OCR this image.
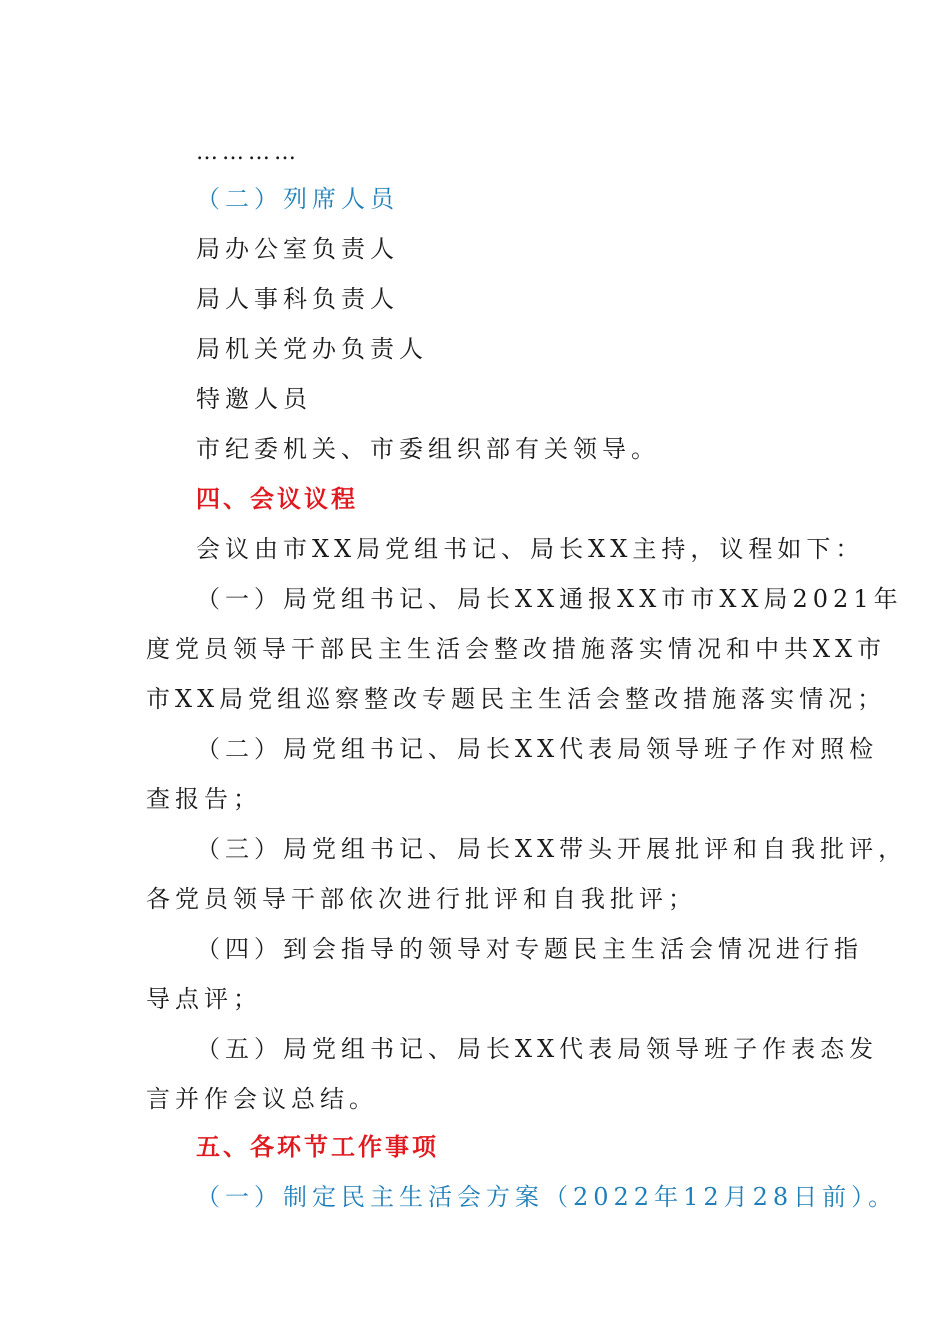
…………
（二）列席人员
局办公室负责人
局人事科负责人
局机关党办负责人
特邀人员
市纪委机关、市委组织部有关领导。
四、会议议程
会议由市XX局党组书记、局长XX主持，议程如下：
（一）局党组书记、局长XX通报XX市市XX局2021年
度党员领导干部民主生活会整改措施落实情况和中共XX市
市XX局党组巡察整改专题民主生活会整改措施落实情况；
（二）局党组书记、局长XX代表局领导班子作对照检
查报告；
（三）局党组书记、局长XX带头开展批评和自我批评，
各党员领导干部依次进行批评和自我批评；
（四）到会指导的领导对专题民主生活会情况进行指
导点评；
（五）局党组书记、局长XX代表局领导班子作表态发
言并作会议总结。
五、各环节工作事项
（一）制定民主生活会方案（2022年12月28日前）。
